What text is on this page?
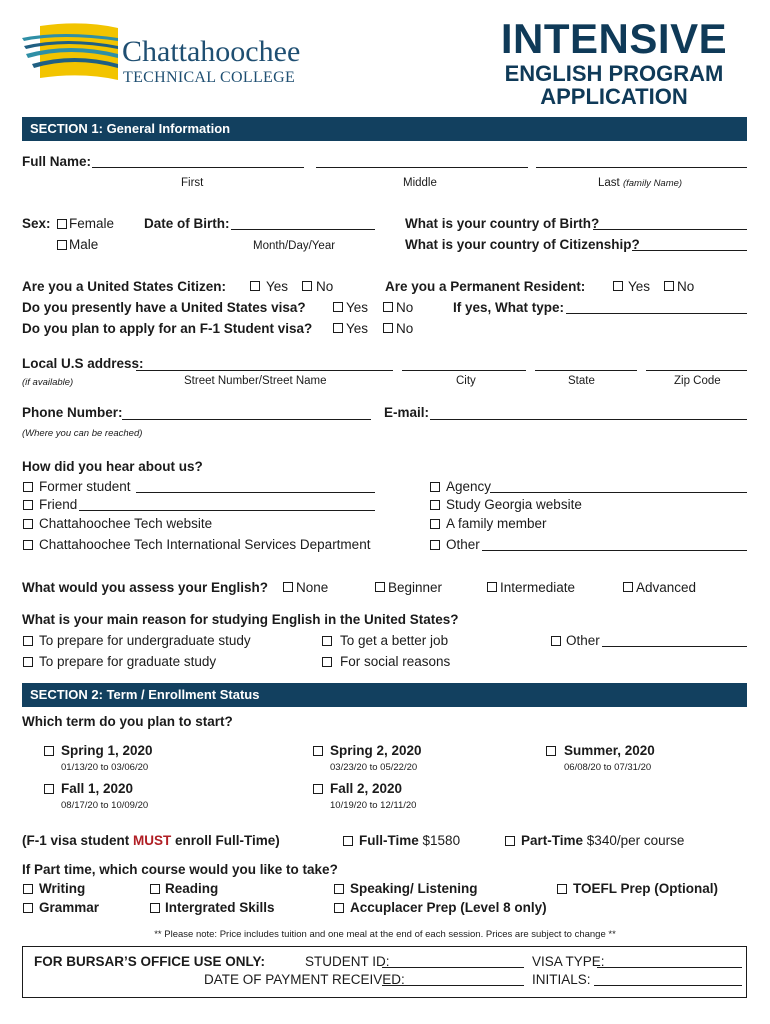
Chattahoochee
TECHNICAL COLLEGE
INTENSIVE
ENGLISH PROGRAM
APPLICATION
SECTION 1: General Information
Full Name:
First	Middle	Last (family Name)
Sex: Female
Male
Date of Birth:
Month/Day/Year
What is your country of Birth?
What is your country of Citizenship?
Are you a United States Citizen:	Yes No	Are you a Permanent Resident:	Yes No
Do you presently have a United States visa?	Yes No	If yes, What type:
Do you plan to apply for an F-1 Student visa? Yes No
Local U.S address:
(if available)	Street Number/Street Name	City	State	Zip Code
Phone Number:	E-mail:
(Where you can be reached)
How did you hear about us?
Former student
Friend
Chattahoochee Tech website
Chattahoochee Tech International Services Department
Agency
Study Georgia website
A family member
Other
What would you assess your English? None	Beginner	Intermediate	Advanced
What is your main reason for studying English in the United States?
To prepare for undergraduate study
To prepare for graduate study
To get a better job
For social reasons
Other
SECTION 2: Term / Enrollment Status
Which term do you plan to start?
Spring 1, 2020
01/13/20 to 03/06/20
Spring 2, 2020
03/23/20 to 05/22/20
Summer, 2020
06/08/20 to 07/31/20
Fall 1, 2020
08/17/20 to 10/09/20
Fall 2, 2020
10/19/20 to 12/11/20
(F-1 visa student MUST enroll Full-Time)	Full-Time $1580	Part-Time $340/per course
If Part time, which course would you like to take?
Writing
Grammar
Reading
Intergrated Skills
Speaking/ Listening
Accuplacer Prep (Level 8 only)
TOEFL Prep (Optional)
** Please note: Price includes tuition and one meal at the end of each session. Prices are subject to change **
FOR BURSAR’S OFFICE USE ONLY:	STUDENT ID:	VISA TYPE:
DATE OF PAYMENT RECEIVED:	INITIALS:
